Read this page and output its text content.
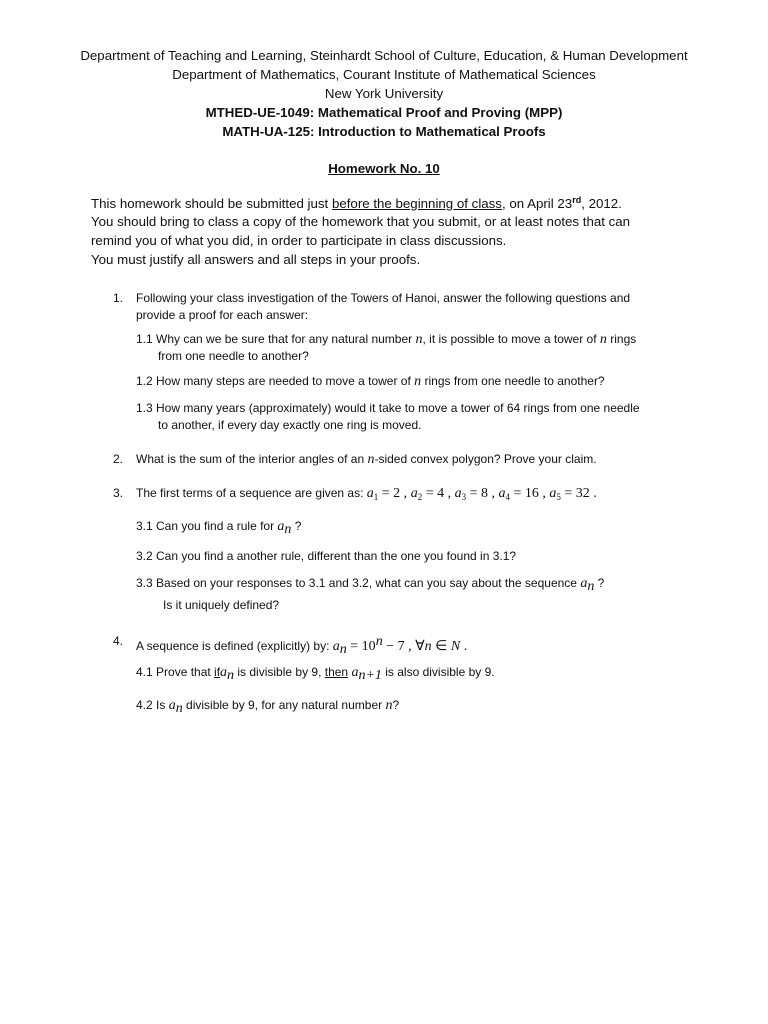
Department of Teaching and Learning, Steinhardt School of Culture, Education, & Human Development
Department of Mathematics, Courant Institute of Mathematical Sciences
New York University
MTHED-UE-1049: Mathematical Proof and Proving (MPP)
MATH-UA-125: Introduction to Mathematical Proofs
Homework No. 10
This homework should be submitted just before the beginning of class, on April 23rd, 2012.
You should bring to class a copy of the homework that you submit, or at least notes that can
remind you of what you did, in order to participate in class discussions.
You must justify all answers and all steps in your proofs.
1. Following your class investigation of the Towers of Hanoi, answer the following questions and
provide a proof for each answer:
1.1 Why can we be sure that for any natural number n, it is possible to move a tower of n rings
from one needle to another?
1.2 How many steps are needed to move a tower of n rings from one needle to another?
1.3 How many years (approximately) would it take to move a tower of 64 rings from one needle
to another, if every day exactly one ring is moved.
2. What is the sum of the interior angles of an n-sided convex polygon? Prove your claim.
3. The first terms of a sequence are given as: $a_1 = 2$ , $a_2 = 4$ , $a_3 = 8$ , $a_4 = 16$ , $a_5 = 32$ .
3.1 Can you find a rule for $a_n$ ?
3.2 Can you find a another rule, different than the one you found in 3.1?
3.3 Based on your responses to 3.1 and 3.2, what can you say about the sequence $a_n$ ?
Is it uniquely defined?
4. A sequence is defined (explicitly) by: $a_n = 10^n - 7$ , ∀n ∈ N .
4.1 Prove that ifa$_n$ is divisible by 9, then $a_{n+1}$ is also divisible by 9.
4.2 Is $a_n$ divisible by 9, for any natural number n?
